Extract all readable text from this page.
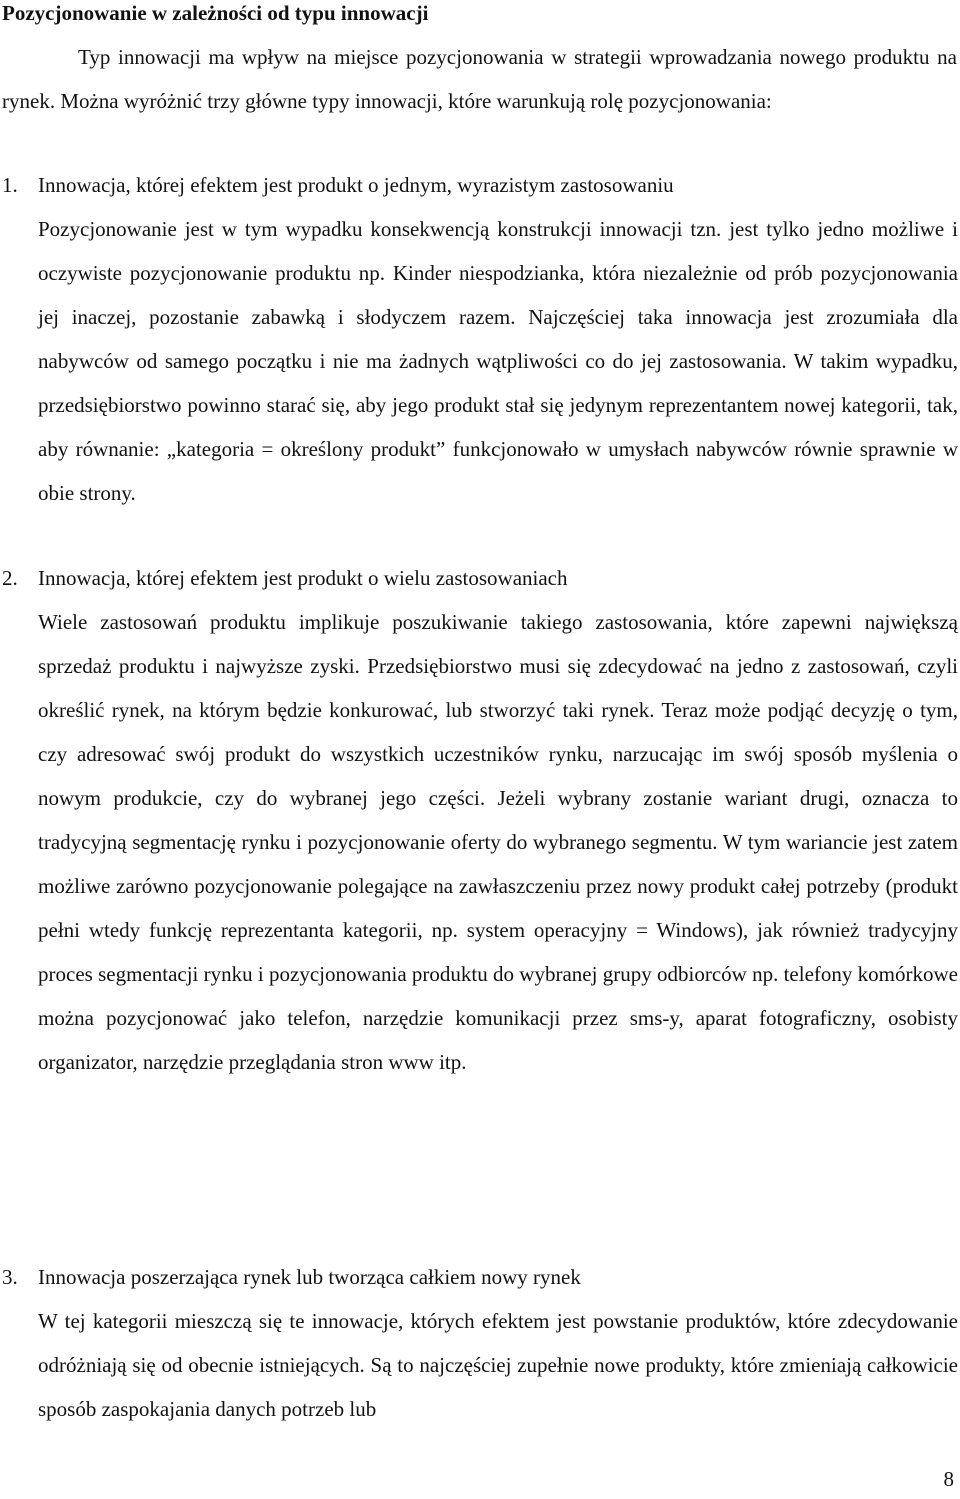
Pozycjonowanie w zależności od typu innowacji

Typ innowacji ma wpływ na miejsce pozycjonowania w strategii wprowadzania nowego produktu na rynek. Można wyróżnić trzy główne typy innowacji, które warunkują rolę pozycjonowania:

1. Innowacja, której efektem jest produkt o jednym, wyrazistym zastosowaniu

Pozycjonowanie jest w tym wypadku konsekwencją konstrukcji innowacji tzn. jest tylko jedno możliwe i oczywiste pozycjonowanie produktu np. Kinder niespodzianka, która niezależnie od prób pozycjonowania jej inaczej, pozostanie zabawką i słodyczem razem. Najczęściej taka innowacja jest zrozumiała dla nabywców od samego początku i nie ma żadnych wątpliwości co do jej zastosowania. W takim wypadku, przedsiębiorstwo powinno starać się, aby jego produkt stał się jedynym reprezentantem nowej kategorii, tak, aby równanie: „kategoria = określony produkt” funkcjonowało w umysłach nabywców równie sprawnie w obie strony.

2. Innowacja, której efektem jest produkt o wielu zastosowaniach

Wiele zastosowań produktu implikuje poszukiwanie takiego zastosowania, które zapewni największą sprzedaż produktu i najwyższe zyski. Przedsiębiorstwo musi się zdecydować na jedno z zastosowań, czyli określić rynek, na którym będzie konkurować, lub stworzyć taki rynek. Teraz może podjąć decyzję o tym, czy adresować swój produkt do wszystkich uczestników rynku, narzucając im swój sposób myślenia o nowym produkcie, czy do wybranej jego części. Jeżeli wybrany zostanie wariant drugi, oznacza to tradycyjną segmentację rynku i pozycjonowanie oferty do wybranego segmentu. W tym wariancie jest zatem możliwe zarówno pozycjonowanie polegające na zawłaszczeniu przez nowy produkt całej potrzeby (produkt pełni wtedy funkcję reprezentanta kategorii, np. system operacyjny = Windows), jak również tradycyjny proces segmentacji rynku i pozycjonowania produktu do wybranej grupy odbiorców np. telefony komórkowe można pozycjonować jako telefon, narzędzie komunikacji przez sms-y, aparat fotograficzny, osobisty organizator, narzędzie przeglądania stron www itp.

3. Innowacja poszerzająca rynek lub tworząca całkiem nowy rynek

W tej kategorii mieszczą się te innowacje, których efektem jest powstanie produktów, które zdecydowanie odróżniają się od obecnie istniejących. Są to najczęściej zupełnie nowe produkty, które zmieniają całkowicie sposób zaspokajania danych potrzeb lub

8
